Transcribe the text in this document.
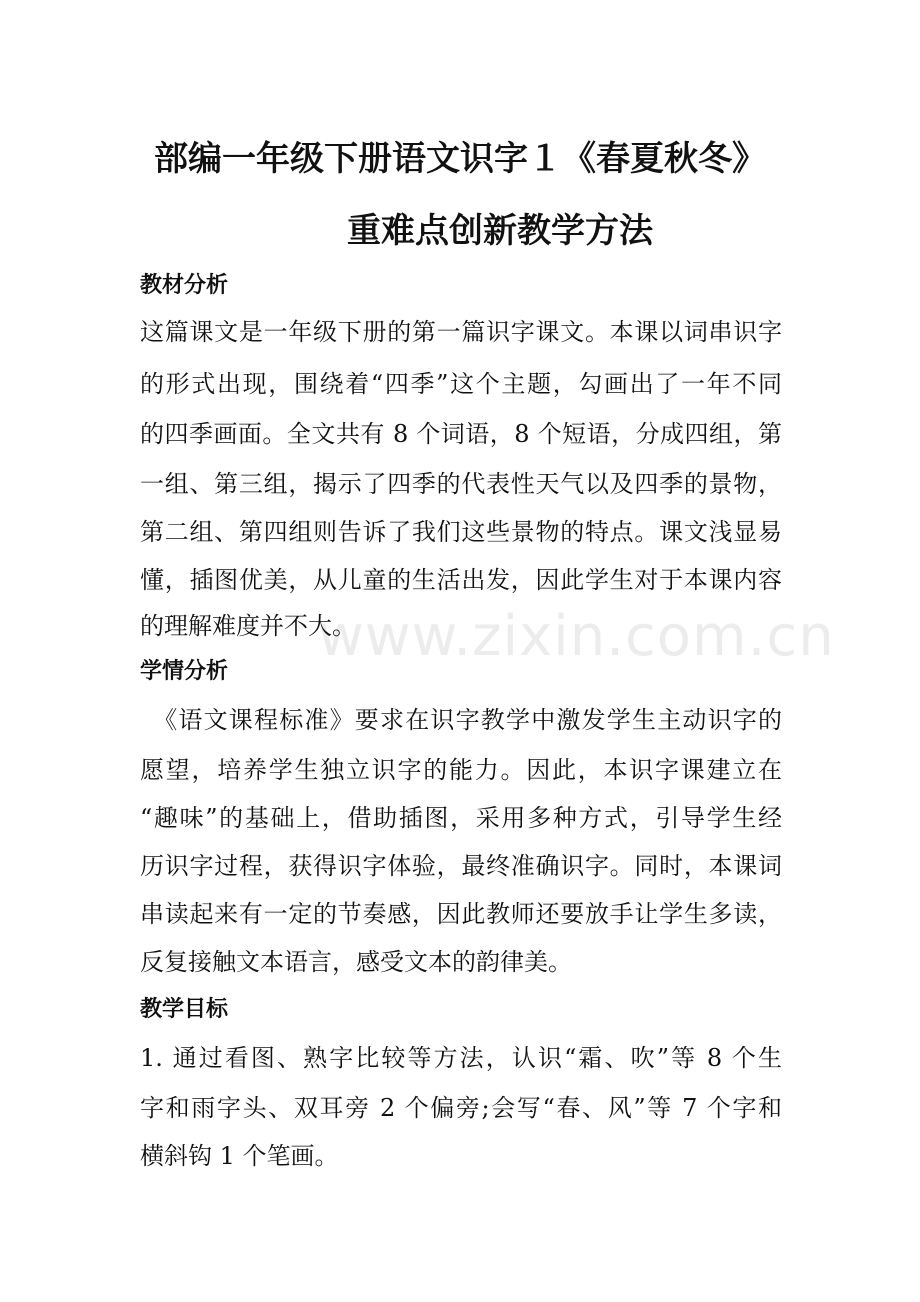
www.zixin.com.cn
部编一年级下册语文识字１《春夏秋冬》
重难点创新教学方法
教材分析
这篇课文是一年级下册的第一篇识字课文。本课以词串识字
的形式出现，围绕着“四季”这个主题，勾画出了一年不同
的四季画面。全文共有 8 个词语，8 个短语，分成四组，第
一组、第三组，揭示了四季的代表性天气以及四季的景物，
第二组、第四组则告诉了我们这些景物的特点。课文浅显易
懂，插图优美，从儿童的生活出发，因此学生对于本课内容
的理解难度并不大。
学情分析
　《语文课程标准》要求在识字教学中激发学生主动识字的
愿望，培养学生独立识字的能力。因此，本识字课建立在
“趣味”的基础上，借助插图，采用多种方式，引导学生经
历识字过程，获得识字体验，最终准确识字。同时，本课词
串读起来有一定的节奏感，因此教师还要放手让学生多读，
反复接触文本语言，感受文本的韵律美。
教学目标
1. 通过看图、熟字比较等方法，认识“霜、吹”等 8 个生
字和雨字头、双耳旁 2 个偏旁;会写“春、风”等 7 个字和
横斜钩 1 个笔画。
